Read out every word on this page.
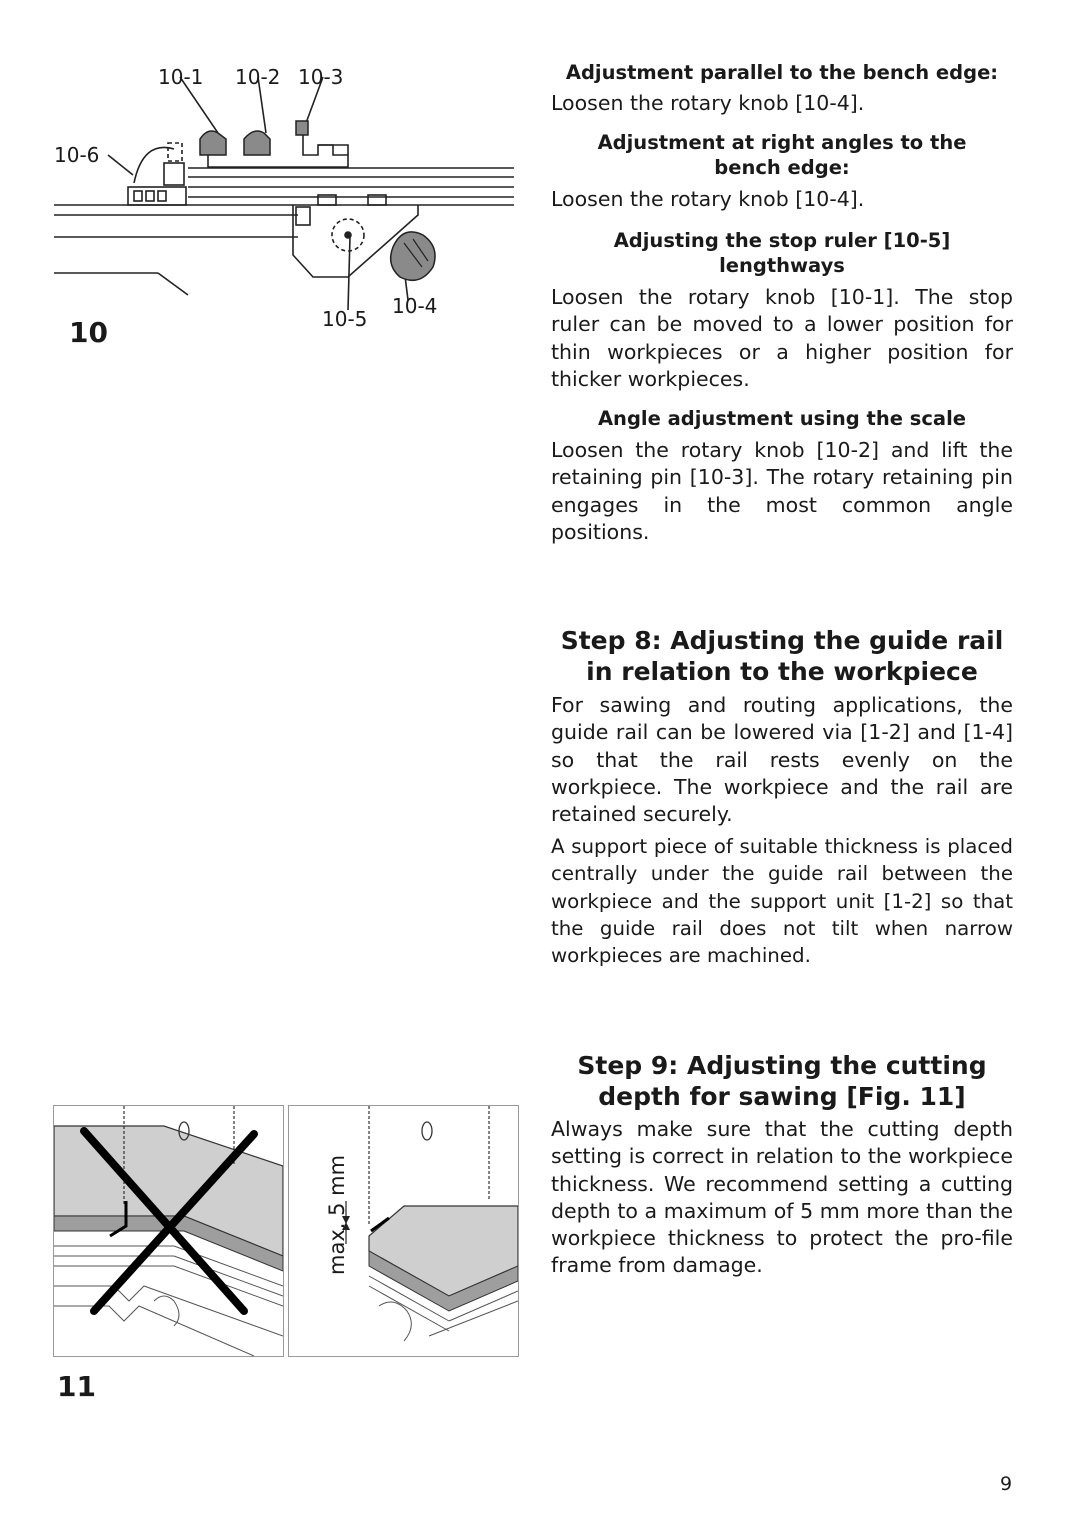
10-1 10-2 10-3
10-6
10-4
10-5
10
max. 5 mm
11

Adjustment parallel to the bench edge:

Loosen the rotary knob [10-4].

Adjustment at right angles to the

bench edge:

Loosen the rotary knob [10-4].

Adjusting the stop ruler [10-5]

lengthways

Loosen the rotary knob [10-1]. The stop ruler can be moved to a lower position for thin workpieces or a higher position for thicker workpieces.

Angle adjustment using the scale

Loosen the rotary knob [10-2] and lift the retaining pin [10-3]. The rotary retaining pin engages in the most common angle positions.

Step 8: Adjusting the guide rail

in relation to the workpiece

For sawing and routing applications, the guide rail can be lowered via [1-2] and [1-4] so that the rail rests evenly on the workpiece. The workpiece and the rail are retained securely.

A support piece of suitable thickness is placed centrally under the guide rail between the workpiece and the support unit [1-2] so that the guide rail does not tilt when narrow workpieces are machined.

Step 9: Adjusting the cutting

depth for sawing [Fig. 11]

Always make sure that the cutting depth setting is correct in relation to the workpiece thickness. We recommend setting a cutting depth to a maximum of 5 mm more than the workpiece thickness to protect the pro-file frame from damage.

9
